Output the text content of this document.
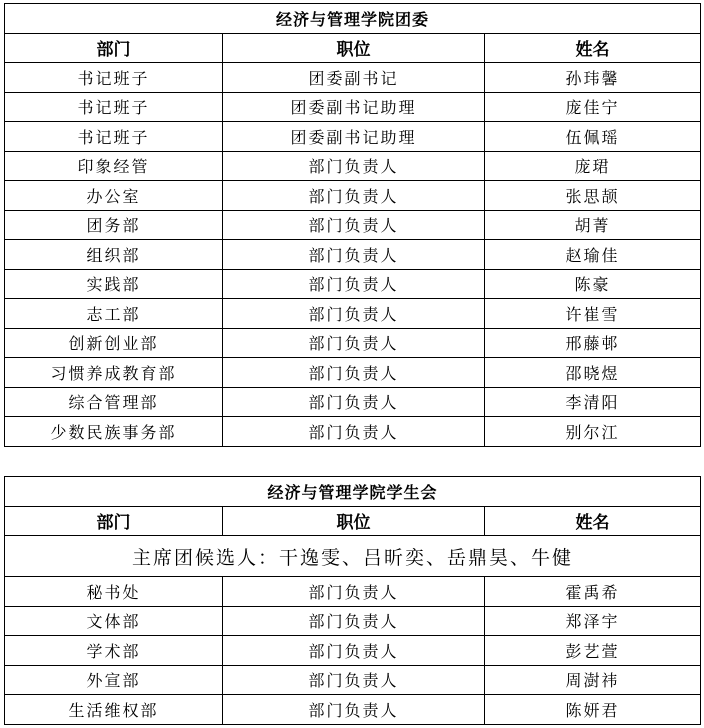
经济与管理学院团委		
部门	职位	姓名
书记班子	团委副书记	孙玮馨
书记班子	团委副书记助理	庞佳宁
书记班子	团委副书记助理	伍佩瑶
印象经管	部门负责人	庞珺
办公室	部门负责人	张思颉
团务部	部门负责人	胡菁
组织部	部门负责人	赵瑜佳
实践部	部门负责人	陈豪
志工部	部门负责人	许崔雪
创新创业部	部门负责人	邢藤邨
习惯养成教育部	部门负责人	邵晓煜
综合管理部	部门负责人	李清阳
少数民族事务部	部门负责人	别尔江
经济与管理学院学生会		
部门	职位	姓名
主席团候选人：干逸雯、吕昕奕、岳鼎昊、牛健		
秘书处	部门负责人	霍禹希
文体部	部门负责人	郑泽宇
学术部	部门负责人	彭艺萱
外宣部	部门负责人	周澍祎
生活维权部	部门负责人	陈妍君
